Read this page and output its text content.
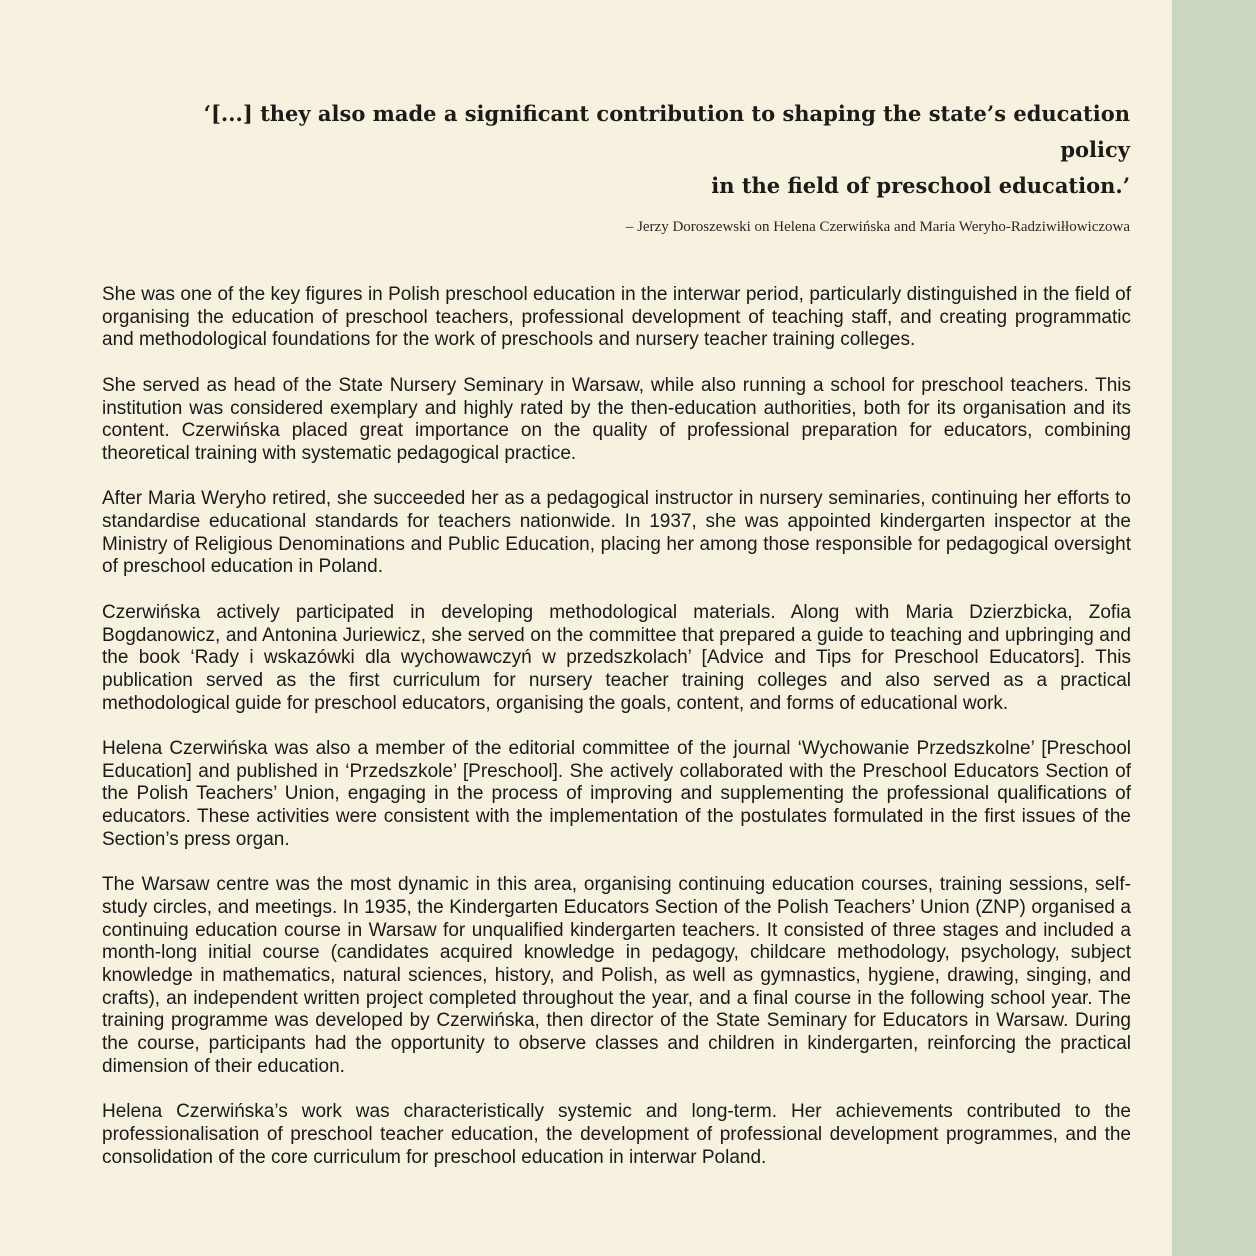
‘[...] they also made a significant contribution to shaping the state’s education policy
in the field of preschool education.’

– Jerzy Doroszewski on Helena Czerwińska and Maria Weryho-Radziwiłłowiczowa

She was one of the key figures in Polish preschool education in the interwar period, particularly distinguished in the field of organising the education of preschool teachers, professional development of teaching staff, and creating programmatic and methodological foundations for the work of preschools and nursery teacher training colleges.

She served as head of the State Nursery Seminary in Warsaw, while also running a school for preschool teachers. This institution was considered exemplary and highly rated by the then-education authorities, both for its organisation and its content. Czerwińska placed great importance on the quality of professional preparation for educators, combining theoretical training with systematic pedagogical practice.

After Maria Weryho retired, she succeeded her as a pedagogical instructor in nursery seminaries, continuing her efforts to standardise educational standards for teachers nationwide. In 1937, she was appointed kindergarten inspector at the Ministry of Religious Denominations and Public Education, placing her among those responsible for pedagogical oversight of preschool education in Poland.

Czerwińska actively participated in developing methodological materials. Along with Maria Dzierzbicka, Zofia Bogdanowicz, and Antonina Juriewicz, she served on the committee that prepared a guide to teaching and upbringing and the book ‘Rady i wskazówki dla wychowawczyń w przedszkolach’ [Advice and Tips for Preschool Educators]. This publication served as the first curriculum for nursery teacher training colleges and also served as a practical methodological guide for preschool educators, organising the goals, content, and forms of educational work.

Helena Czerwińska was also a member of the editorial committee of the journal ‘Wychowanie Przedszkolne’ [Preschool Education] and published in ‘Przedszkole’ [Preschool]. She actively collaborated with the Preschool Educators Section of the Polish Teachers’ Union, engaging in the process of improving and supplementing the professional qualifications of educators. These activities were consistent with the implementation of the postulates formulated in the first issues of the Section’s press organ.

The Warsaw centre was the most dynamic in this area, organising continuing education courses, training sessions, self-study circles, and meetings. In 1935, the Kindergarten Educators Section of the Polish Teachers’ Union (ZNP) organised a continuing education course in Warsaw for unqualified kindergarten teachers. It consisted of three stages and included a month-long initial course (candidates acquired knowledge in pedagogy, childcare methodology, psychology, subject knowledge in mathematics, natural sciences, history, and Polish, as well as gymnastics, hygiene, drawing, singing, and crafts), an independent written project completed throughout the year, and a final course in the following school year. The training programme was developed by Czerwińska, then director of the State Seminary for Educators in Warsaw. During the course, participants had the opportunity to observe classes and children in kindergarten, reinforcing the practical dimension of their education.

Helena Czerwińska’s work was characteristically systemic and long-term. Her achievements contributed to the professionalisation of preschool teacher education, the development of professional development programmes, and the consolidation of the core curriculum for preschool education in interwar Poland.
